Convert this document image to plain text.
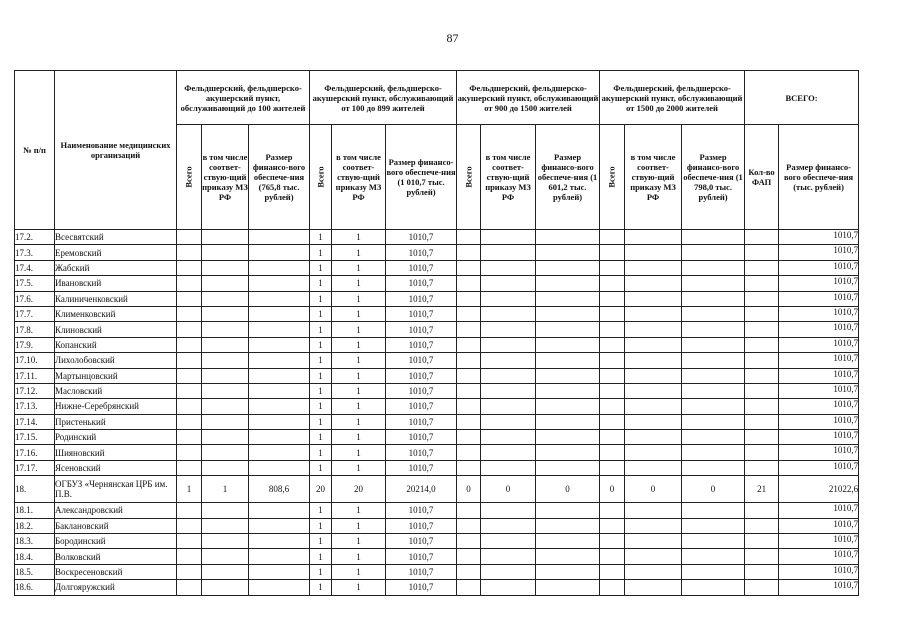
87
№ п/п	Наименование медицинских организаций	Фельдшерский, фельдшерско-акушерский пункт, обслуживающий до 100 жителей			Фельдшерский, фельдшерско-акушерский пункт, обслуживающий от 100 до 899 жителей			Фельдшерский, фельдшерско-акушерский пункт, обслуживающий от 900 до 1500 жителей			Фельдшерский, фельдшерско-акушерский пункт, обслуживающий от 1500 до 2000 жителей			ВСЕГО:	
		Всего	в том числе соответ-ствую-щий приказу МЗ РФ	Размер финансо-вого обеспече-ния (765,8 тыс. рублей)	Всего	в том числе соответ-ствую-щий приказу МЗ РФ	Размер финансо-вого обеспече-ния (1 010,7 тыс. рублей)	Всего	в том числе соответ-ствую-щий приказу МЗ РФ	Размер финансо-вого обеспече-ния (1 601,2 тыс. рублей)	Всего	в том числе соответ-ствую-щий приказу МЗ РФ	Размер финансо-вого обеспече-ния (1 798,0 тыс. рублей)	Кол-во ФАП	Размер финансо-вого обеспече-ния (тыс. рублей)
17.2.	Всесвятский				1	1	1010,7								1010,7
17.3.	Еремовский				1	1	1010,7								1010,7
17.4.	Жабский				1	1	1010,7								1010,7
17.5.	Ивановский				1	1	1010,7								1010,7
17.6.	Калиниченковский				1	1	1010,7								1010,7
17.7.	Клименковский				1	1	1010,7								1010,7
17.8.	Клиновский				1	1	1010,7								1010,7
17.9.	Копанский				1	1	1010,7								1010,7
17.10.	Лихолобовский				1	1	1010,7								1010,7
17.11.	Мартынцовский				1	1	1010,7								1010,7
17.12.	Масловский				1	1	1010,7								1010,7
17.13.	Нижне-Серебрянский				1	1	1010,7								1010,7
17.14.	Пристенький				1	1	1010,7								1010,7
17.15.	Родинский				1	1	1010,7								1010,7
17.16.	Шияновский				1	1	1010,7								1010,7
17.17.	Ясеновский				1	1	1010,7								1010,7
18.	ОГБУЗ «Чернянская ЦРБ им. П.В.	1	1	808,6	20	20	20214,0	0	0	0	0	0	0	21	21022,6
18.1.	Александровский				1	1	1010,7								1010,7
18.2.	Баклановский				1	1	1010,7								1010,7
18.3.	Бородинский				1	1	1010,7								1010,7
18.4.	Волковский				1	1	1010,7								1010,7
18.5.	Воскресеновский				1	1	1010,7								1010,7
18.6.	Долгояружский				1	1	1010,7								1010,7
